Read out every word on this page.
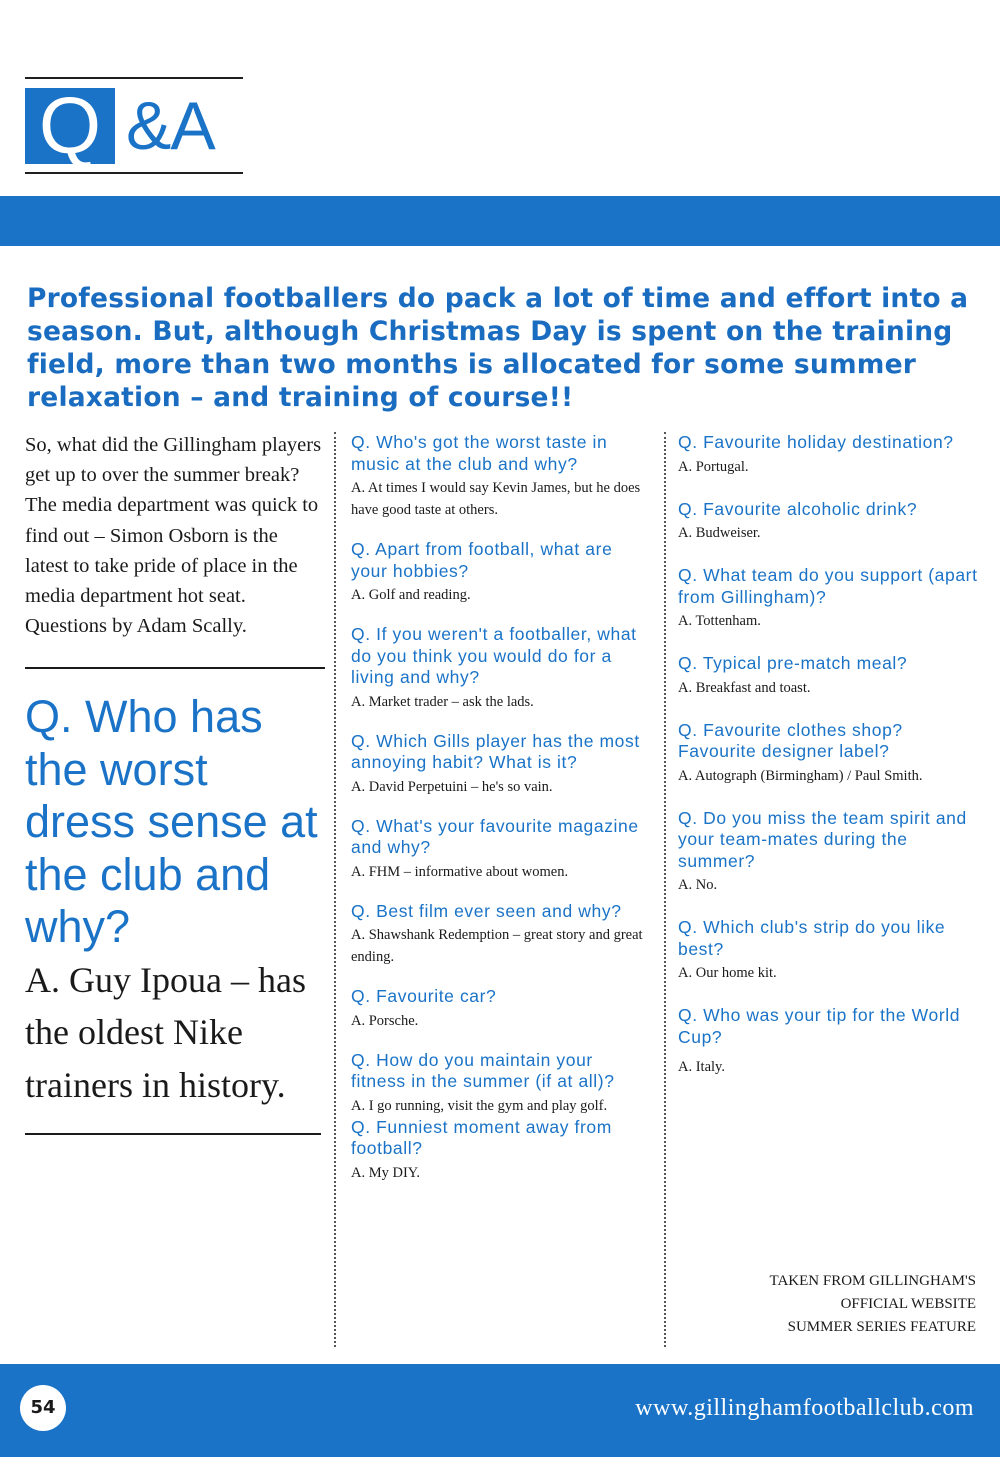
Q &A
Professional footballers do pack a lot of time and effort into a season. But, although Christmas Day is spent on the training field, more than two months is allocated for some summer relaxation – and training of course!!

So, what did the Gillingham players get up to over the summer break? The media department was quick to find out – Simon Osborn is the latest to take pride of place in the media department hot seat. Questions by Adam Scally.

Q. Who has the worst dress sense at the club and why?

A. Guy Ipoua – has the oldest Nike trainers in history.

Q. Who's got the worst taste in music at the club and why?

A. At times I would say Kevin James, but he does have good taste at others.

Q. Apart from football, what are your hobbies?

A. Golf and reading.

Q. If you weren't a footballer, what do you think you would do for a living and why?

A. Market trader – ask the lads.

Q. Which Gills player has the most annoying habit? What is it?

A. David Perpetuini – he's so vain.

Q. What's your favourite magazine and why?

A. FHM – informative about women.

Q. Best film ever seen and why?

A. Shawshank Redemption – great story and great ending.

Q. Favourite car?

A. Porsche.

Q. How do you maintain your fitness in the summer (if at all)?

A. I go running, visit the gym and play golf.

Q. Funniest moment away from football?

A. My DIY.

Q. Favourite holiday destination?

A. Portugal.

Q. Favourite alcoholic drink?

A. Budweiser.

Q. What team do you support (apart from Gillingham)?

A. Tottenham.

Q. Typical pre-match meal?

A. Breakfast and toast.

Q. Favourite clothes shop? Favourite designer label?

A. Autograph (Birmingham) / Paul Smith.

Q. Do you miss the team spirit and your team-mates during the summer?

A. No.

Q. Which club's strip do you like best?

A. Our home kit.

Q. Who was your tip for the World Cup?

A. Italy.

TAKEN FROM GILLINGHAM'S
OFFICIAL WEBSITE
SUMMER SERIES FEATURE
54	www.gillinghamfootballclub.com
